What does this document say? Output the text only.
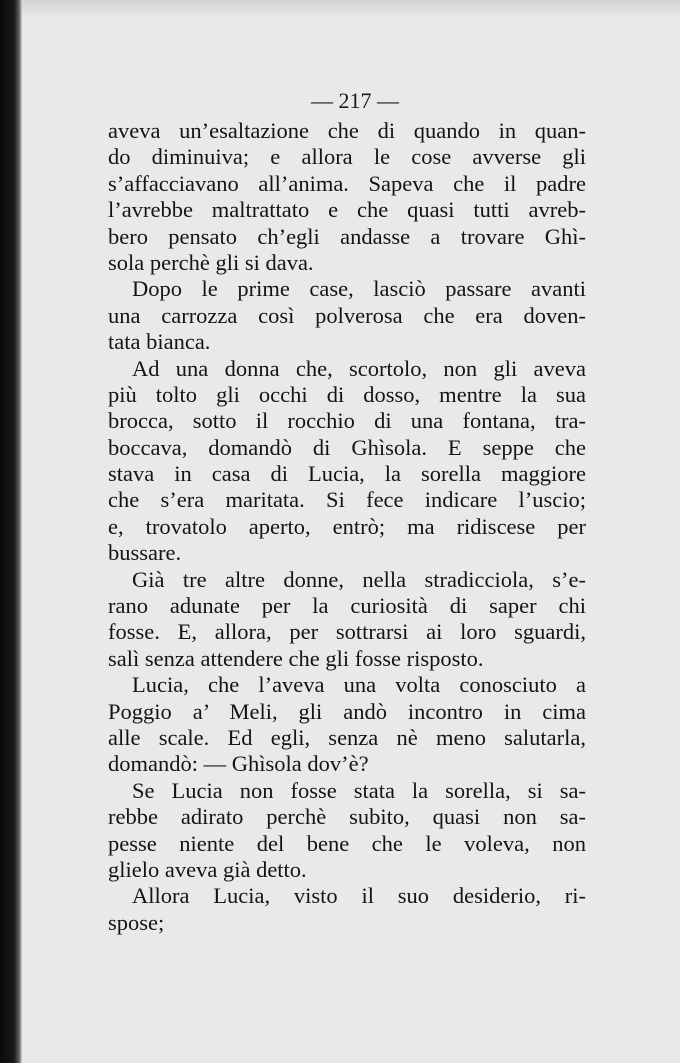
— 217 —
aveva un’esaltazione che di quando in quan-
do diminuiva; e allora le cose avverse gli
s’affacciavano all’anima. Sapeva che il padre
l’avrebbe maltrattato e che quasi tutti avreb-
bero pensato ch’egli andasse a trovare Ghì-
sola perchè gli si dava.
Dopo le prime case, lasciò passare avanti
una carrozza così polverosa che era doven-
tata bianca.
Ad una donna che, scortolo, non gli aveva
più tolto gli occhi di dosso, mentre la sua
brocca, sotto il rocchio di una fontana, tra-
boccava, domandò di Ghìsola. E seppe che
stava in casa di Lucia, la sorella maggiore
che s’era maritata. Si fece indicare l’uscio;
e, trovatolo aperto, entrò; ma ridiscese per
bussare.
Già tre altre donne, nella stradicciola, s’e-
rano adunate per la curiosità di saper chi
fosse. E, allora, per sottrarsi ai loro sguardi,
salì senza attendere che gli fosse risposto.
Lucia, che l’aveva una volta conosciuto a
Poggio a’ Meli, gli andò incontro in cima
alle scale. Ed egli, senza nè meno salutarla,
domandò: — Ghìsola dov’è?
Se Lucia non fosse stata la sorella, si sa-
rebbe adirato perchè subito, quasi non sa-
pesse niente del bene che le voleva, non
glielo aveva già detto.
Allora Lucia, visto il suo desiderio, ri-
spose;
